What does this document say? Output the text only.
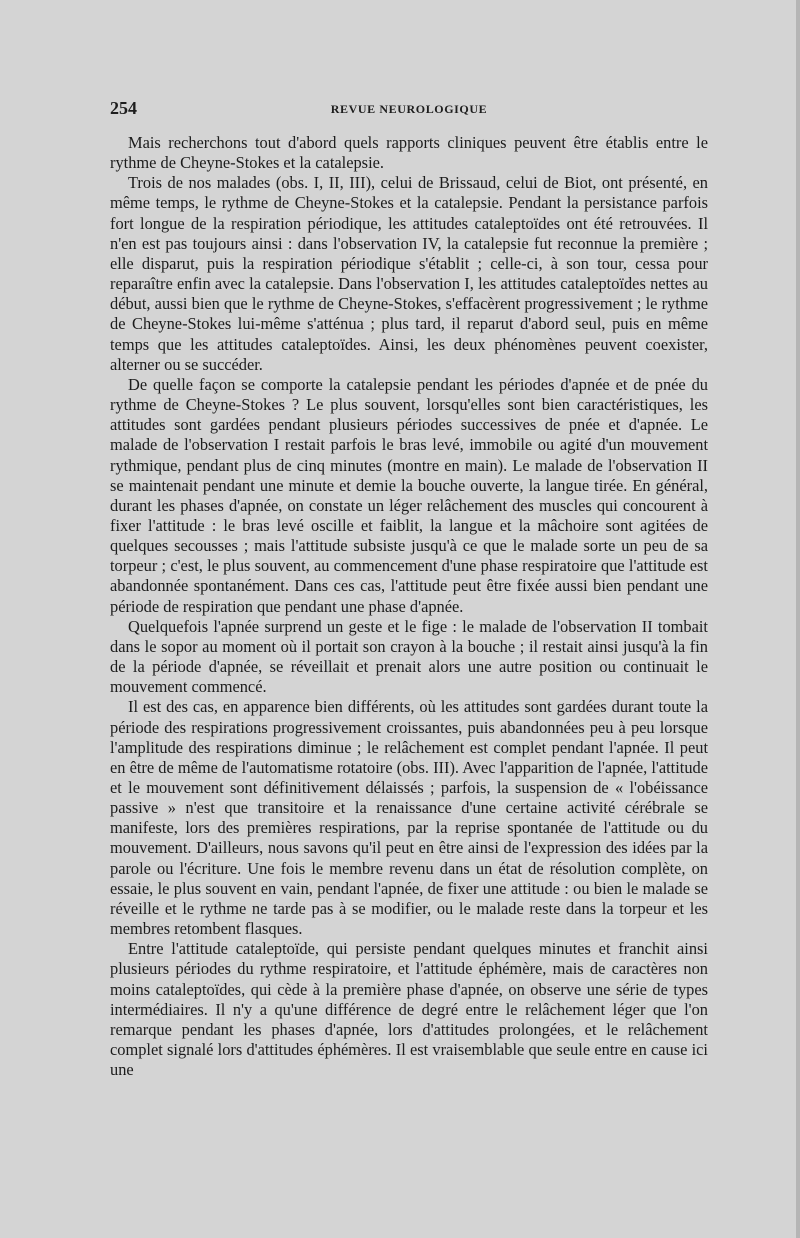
254	REVUE NEUROLOGIQUE

Mais recherchons tout d'abord quels rapports cliniques peuvent être établis entre le rythme de Cheyne-Stokes et la catalepsie.

Trois de nos malades (obs. I, II, III), celui de Brissaud, celui de Biot, ont présenté, en même temps, le rythme de Cheyne-Stokes et la catalepsie. Pendant la persistance parfois fort longue de la respiration périodique, les attitudes cataleptoïdes ont été retrouvées. Il n'en est pas toujours ainsi : dans l'observation IV, la catalepsie fut reconnue la première ; elle disparut, puis la respiration périodique s'établit ; celle-ci, à son tour, cessa pour reparaître enfin avec la catalepsie. Dans l'observation I, les attitudes cataleptoïdes nettes au début, aussi bien que le rythme de Cheyne-Stokes, s'effacèrent progressivement ; le rythme de Cheyne-Stokes lui-même s'atténua ; plus tard, il reparut d'abord seul, puis en même temps que les attitudes cataleptoïdes. Ainsi, les deux phénomènes peuvent coexister, alterner ou se succéder.

De quelle façon se comporte la catalepsie pendant les périodes d'apnée et de pnée du rythme de Cheyne-Stokes ? Le plus souvent, lorsqu'elles sont bien caractéristiques, les attitudes sont gardées pendant plusieurs périodes successives de pnée et d'apnée. Le malade de l'observation I restait parfois le bras levé, immobile ou agité d'un mouvement rythmique, pendant plus de cinq minutes (montre en main). Le malade de l'observation II se maintenait pendant une minute et demie la bouche ouverte, la langue tirée. En général, durant les phases d'apnée, on constate un léger relâchement des muscles qui concourent à fixer l'attitude : le bras levé oscille et faiblit, la langue et la mâchoire sont agitées de quelques secousses ; mais l'attitude subsiste jusqu'à ce que le malade sorte un peu de sa torpeur ; c'est, le plus souvent, au commencement d'une phase respiratoire que l'attitude est abandonnée spontanément. Dans ces cas, l'attitude peut être fixée aussi bien pendant une période de respiration que pendant une phase d'apnée.

Quelquefois l'apnée surprend un geste et le fige : le malade de l'observation II tombait dans le sopor au moment où il portait son crayon à la bouche ; il restait ainsi jusqu'à la fin de la période d'apnée, se réveillait et prenait alors une autre position ou continuait le mouvement commencé.

Il est des cas, en apparence bien différents, où les attitudes sont gardées durant toute la période des respirations progressivement croissantes, puis abandonnées peu à peu lorsque l'amplitude des respirations diminue ; le relâchement est complet pendant l'apnée. Il peut en être de même de l'automatisme rotatoire (obs. III). Avec l'apparition de l'apnée, l'attitude et le mouvement sont définitivement délaissés ; parfois, la suspension de « l'obéissance passive » n'est que transitoire et la renaissance d'une certaine activité cérébrale se manifeste, lors des premières respirations, par la reprise spontanée de l'attitude ou du mouvement. D'ailleurs, nous savons qu'il peut en être ainsi de l'expression des idées par la parole ou l'écriture. Une fois le membre revenu dans un état de résolution complète, on essaie, le plus souvent en vain, pendant l'apnée, de fixer une attitude : ou bien le malade se réveille et le rythme ne tarde pas à se modifier, ou le malade reste dans la torpeur et les membres retombent flasques.

Entre l'attitude cataleptoïde, qui persiste pendant quelques minutes et franchit ainsi plusieurs périodes du rythme respiratoire, et l'attitude éphémère, mais de caractères non moins cataleptoïdes, qui cède à la première phase d'apnée, on observe une série de types intermédiaires. Il n'y a qu'une différence de degré entre le relâchement léger que l'on remarque pendant les phases d'apnée, lors d'attitudes prolongées, et le relâchement complet signalé lors d'attitudes éphémères. Il est vraisemblable que seule entre en cause ici une
